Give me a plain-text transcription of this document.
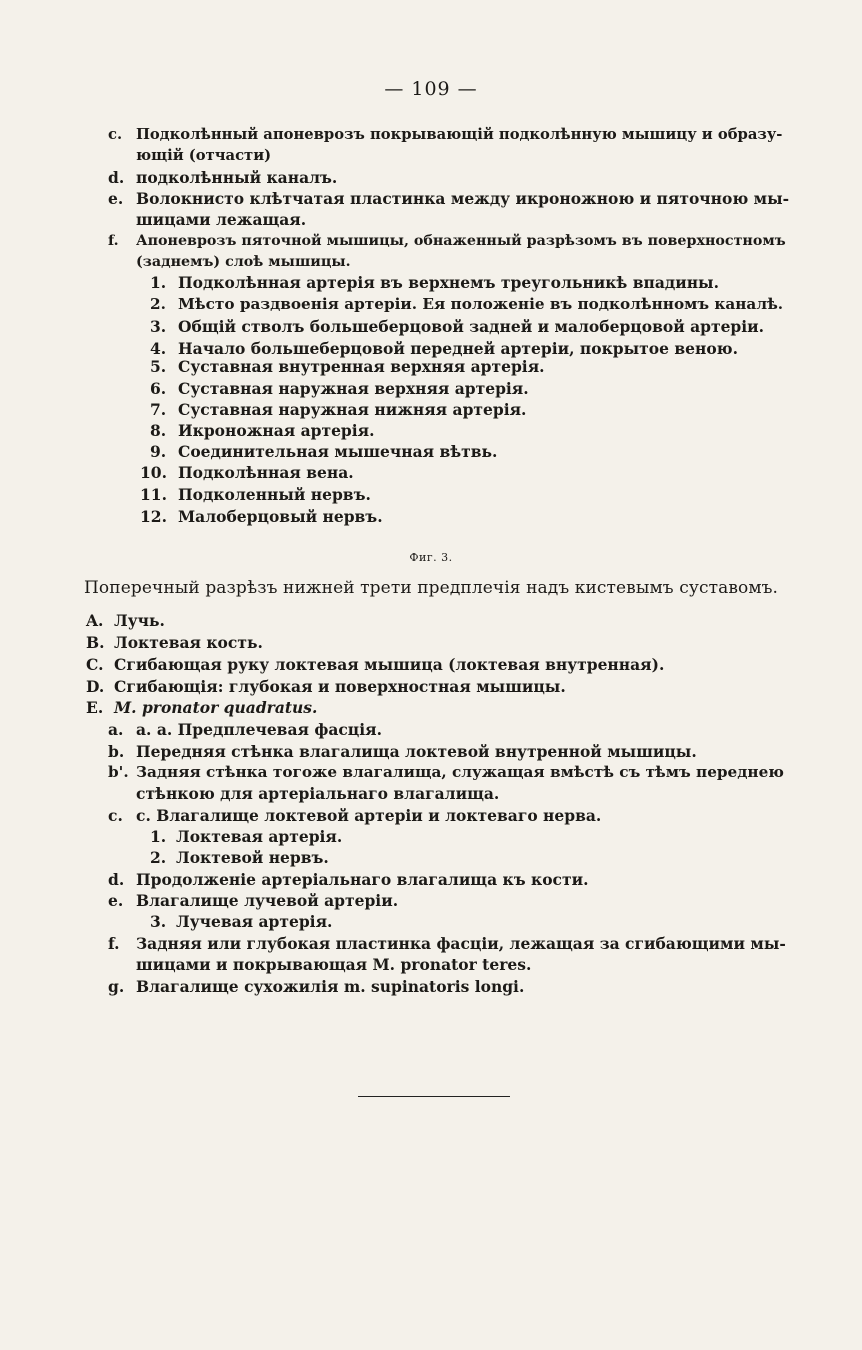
— 109 —
c. Подколѣнный апоневрозъ покрывающій подколѣнную мышицу и образу-
ющій (отчасти)
d. подколѣнный каналъ.
e. Волокнисто клѣтчатая пластинка между икроножною и пяточною мы-
шицами лежащая.
f. Апоневрозъ пяточной мышицы, обнаженный разрѣзомъ въ поверхностномъ
(заднемъ) слоѣ мышицы.
1. Подколѣнная артерія въ верхнемъ треугольникѣ впадины.
2. Мѣсто раздвоенія артеріи. Ея положеніе въ подколѣнномъ каналѣ.
3. Общій стволъ большеберцовой задней и малоберцовой артеріи.
4. Начало большеберцовой передней артеріи, покрытое веною.
5. Суставная внутренная верхняя артерія.
6. Суставная наружная верхняя артерія.
7. Суставная наружная нижняя артерія.
8. Икроножная артерія.
9. Соединительная мышечная вѣтвь.
10. Подколѣнная вена.
11. Подколенный нервъ.
12. Малоберцовый нервъ.
Фиг. 3.
Поперечный разрѣзъ нижней трети предплечія надъ кистевымъ суставомъ.
A. Лучь.
B. Локтевая кость.
C. Сгибающая руку локтевая мышица (локтевая внутренная).
D. Сгибающія: глубокая и поверхностная мышицы.
E. M. pronator quadratus.
a. a. a. Предплечевая фасція.
b. Передняя стѣнка влагалища локтевой внутренной мышицы.
b'. Задняя стѣнка тогоже влагалища, служащая вмѣстѣ съ тѣмъ переднею
стѣнкою для артеріальнаго влагалища.
c. c. Влагалище локтевой артеріи и локтеваго нерва.
1. Локтевая артерія.
2. Локтевой нервъ.
d. Продолженіе артеріальнаго влагалища къ кости.
e. Влагалище лучевой артеріи.
3. Лучевая артерія.
f. Задняя или глубокая пластинка фасціи, лежащая за сгибающими мы-
шицами и покрывающая M. pronator teres.
g. Влагалище сухожилія m. supinatoris longi.
